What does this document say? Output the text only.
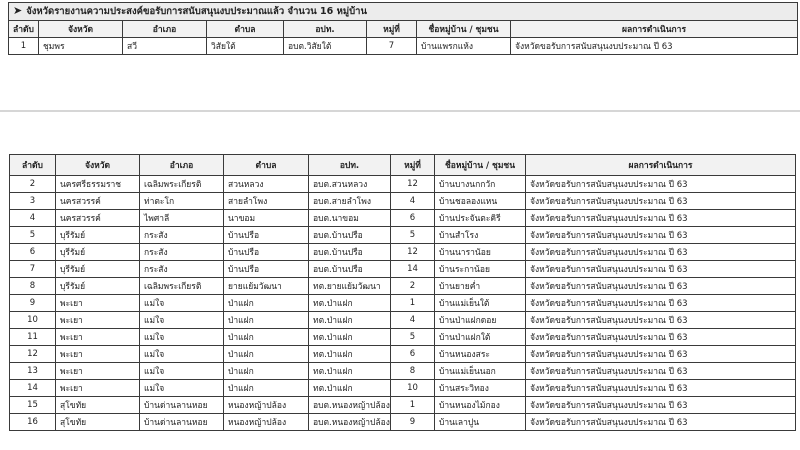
➤ จังหวัดรายงานความประสงค์ขอรับการสนับสนุนงบประมาณแล้ว จำนวน 16 หมู่บ้าน							
ลำดับ	จังหวัด	อำเภอ	ตำบล	อปท.	หมู่ที่	ชื่อหมู่บ้าน / ชุมชน	ผลการดำเนินการ
1	ชุมพร	สวี	วิสัยใต้	อบต.วิสัยใต้	7	บ้านแพรกแห้ง	จังหวัดขอรับการสนับสนุนงบประมาณ ปี 63
ลำดับ	จังหวัด	อำเภอ	ตำบล	อปท.	หมู่ที่	ชื่อหมู่บ้าน / ชุมชน	ผลการดำเนินการ
2	นครศรีธรรมราช	เฉลิมพระเกียรติ	สวนหลวง	อบต.สวนหลวง	12	บ้านบางนกกวัก	จังหวัดขอรับการสนับสนุนงบประมาณ ปี 63
3	นครสวรรค์	ท่าตะโก	สายลำโพง	อบต.สายลำโพง	4	บ้านชอลองแหน	จังหวัดขอรับการสนับสนุนงบประมาณ ปี 63
4	นครสวรรค์	ไพศาลี	นาขอม	อบต.นาขอม	6	บ้านประจันตะคิรี	จังหวัดขอรับการสนับสนุนงบประมาณ ปี 63
5	บุรีรัมย์	กระสัง	บ้านปรือ	อบต.บ้านปรือ	5	บ้านสำโรง	จังหวัดขอรับการสนับสนุนงบประมาณ ปี 63
6	บุรีรัมย์	กระสัง	บ้านปรือ	อบต.บ้านปรือ	12	บ้านนารานัอย	จังหวัดขอรับการสนับสนุนงบประมาณ ปี 63
7	บุรีรัมย์	กระสัง	บ้านปรือ	อบต.บ้านปรือ	14	บ้านระกาน้อย	จังหวัดขอรับการสนับสนุนงบประมาณ ปี 63
8	บุรีรัมย์	เฉลิมพระเกียรติ	ยายแย้มวัฒนา	ทต.ยายแย้มวัฒนา	2	บ้านยายค่ำ	จังหวัดขอรับการสนับสนุนงบประมาณ ปี 63
9	พะเยา	แม่ใจ	ป่าแฝก	ทต.ป่าแฝก	1	บ้านแม่เย็นใต้	จังหวัดขอรับการสนับสนุนงบประมาณ ปี 63
10	พะเยา	แม่ใจ	ป่าแฝก	ทต.ป่าแฝก	4	บ้านป่าแฝกดอย	จังหวัดขอรับการสนับสนุนงบประมาณ ปี 63
11	พะเยา	แม่ใจ	ป่าแฝก	ทต.ป่าแฝก	5	บ้านป่าแฝกใต้	จังหวัดขอรับการสนับสนุนงบประมาณ ปี 63
12	พะเยา	แม่ใจ	ป่าแฝก	ทต.ป่าแฝก	6	บ้านหนองสระ	จังหวัดขอรับการสนับสนุนงบประมาณ ปี 63
13	พะเยา	แม่ใจ	ป่าแฝก	ทต.ป่าแฝก	8	บ้านแม่เย็นนอก	จังหวัดขอรับการสนับสนุนงบประมาณ ปี 63
14	พะเยา	แม่ใจ	ป่าแฝก	ทต.ป่าแฝก	10	บ้านสระวิทอง	จังหวัดขอรับการสนับสนุนงบประมาณ ปี 63
15	สุโขทัย	บ้านด่านลานหอย	หนองหญ้าปล้อง	อบต.หนองหญ้าปล้อง	1	บ้านหนองไม้กอง	จังหวัดขอรับการสนับสนุนงบประมาณ ปี 63
16	สุโขทัย	บ้านด่านลานหอย	หนองหญ้าปล้อง	อบต.หนองหญ้าปล้อง	9	บ้านเลาปูน	จังหวัดขอรับการสนับสนุนงบประมาณ ปี 63
